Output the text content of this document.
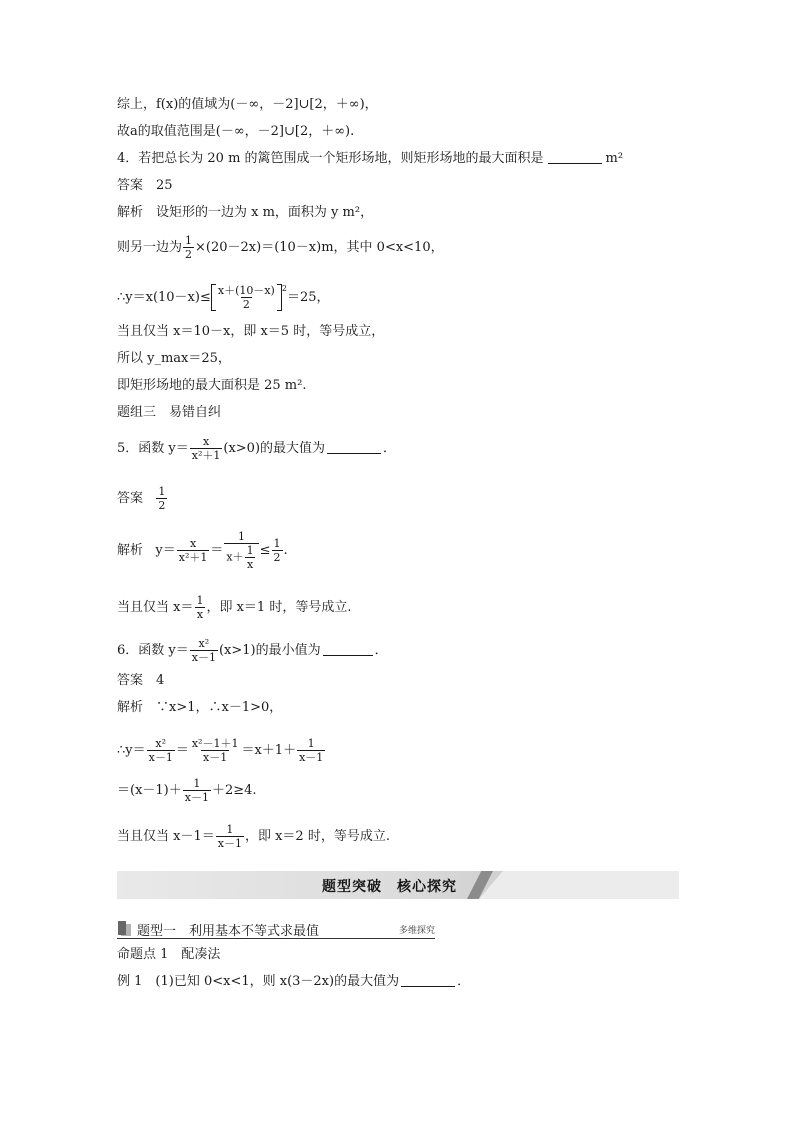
综上，f(x)的值域为(－∞，－2]∪[2，＋∞)，
故a的取值范围是(－∞，－2]∪[2，＋∞).
4．若把总长为 20 m 的篱笆围成一个矩形场地，则矩形场地的最大面积是	m²
答案　25
解析　设矩形的一边为 x m，面积为 y m²，
则另一边为 $\frac{1}{2} \times(20-2x)=(10-x)m$，其中 0<x<10，
∴y＝x(10－x)≤ $\frac{x+(10-x)}{2} ^2=25$，
当且仅当 x＝10－x，即 x＝5 时，等号成立，
所以 y_max＝25，
即矩形场地的最大面积是 25 m².
题组三　易错自纠
5．函数 $y= \frac{x}{\text{x²＋1}} (x>0)$的最大值为	．
答案 $\frac{1}{2}$
解析 $y= \frac{x}{\text{x²＋1}} = \frac{1}{x+ \frac{1}{x}} \le \frac{1}{2}$ .
当且仅当 $x= \frac{1}{x}$ ，即 x＝1 时，等号成立.
6．函数 $y= \frac{\text{x²}}{x-1} (x>1)$的最小值为	．
答案　4
解析　∵x>1，∴x－1>0，
∴y＝ $\frac{\text{x²}}{x-1} = \frac{\text{x²－1＋1}}{x-1} =x+1+ \frac{1}{x-1}$
$=(x-1)+ \frac{1}{x-1} +2\ge 4$.
当且仅当 $x-1= \frac{1}{x-1}$ ，即 x＝2 时，等号成立.
题型突破　核心探究
题型一　利用基本不等式求最值	多维探究
命题点 1　配凑法
例 1　(1)已知 0<x<1，则 x(3－2x)的最大值为	．
